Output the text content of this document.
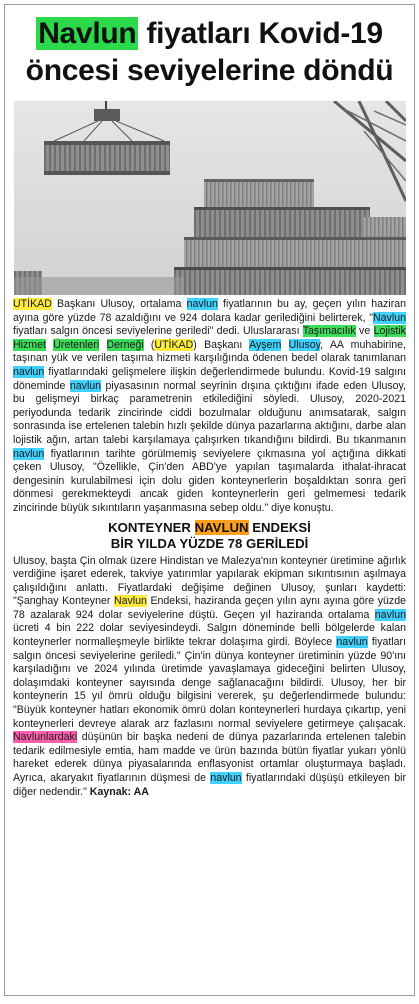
Navlun fiyatları Kovid-19
öncesi seviyelerine döndü

UTİKAD Başkanı Ulusoy, ortalama navlun fiyatlarının bu ay, geçen yılın haziran ayına göre yüzde 78 azaldığını ve 924 dolara kadar gerilediğini belirterek, "Navlun fiyatları salgın öncesi seviyelerine geriledi" dedi. Uluslararası Taşımacılık ve Lojistik Hizmet Üretenleri Derneği (UTİKAD) Başkanı Ayşem Ulusoy, AA muhabirine, taşınan yük ve verilen taşıma hizmeti karşılığında ödenen bedel olarak tanımlanan navlun fiyatlarındaki gelişmelere ilişkin değerlendirmede bulundu. Kovid-19 salgını döneminde navlun piyasasının normal seyrinin dışına çıktığını ifade eden Ulusoy, bu gelişmeyi birkaç parametrenin etkilediğini söyledi. Ulusoy, 2020-2021 periyodunda tedarik zincirinde ciddi bozulmalar olduğunu anımsatarak, salgın sonrasında ise ertelenen talebin hızlı şekilde dünya pazarlarına aktığını, darbe alan lojistik ağın, artan talebi karşılamaya çalışırken tıkandığını bildirdi. Bu tıkanmanın navlun fiyatlarının tarihte görülmemiş seviyelere çıkmasına yol açtığına dikkati çeken Ulusoy, "Özellikle, Çin'den ABD'ye yapılan taşımalarda ithalat-ihracat dengesinin kurulabilmesi için dolu giden konteynerlerin boşaldıktan sonra geri dönmesi gerekmekteydi ancak giden konteynerlerin geri gelmemesi tedarik zincirinde büyük sıkıntıların yaşanmasına sebep oldu." diye konuştu.

KONTEYNER NAVLUN ENDEKSİ
BİR YILDA YÜZDE 78 GERİLEDİ

Ulusoy, başta Çin olmak üzere Hindistan ve Malezya'nın konteyner üretimine ağırlık verdiğine işaret ederek, takviye yatırımlar yapılarak ekipman sıkıntısının aşılmaya çalışıldığını anlattı. Fiyatlardaki değişime değinen Ulusoy, şunları kaydetti: "Şanghay Konteyner Navlun Endeksi, haziranda geçen yılın aynı ayına göre yüzde 78 azalarak 924 dolar seviyelerine düştü. Geçen yıl haziranda ortalama navlun ücreti 4 bin 222 dolar seviyesindeydi. Salgın döneminde belli bölgelerde kalan konteynerler normalleşmeyle birlikte tekrar dolaşıma girdi. Böylece navlun fiyatları salgın öncesi seviyelerine geriledi." Çin'in dünya konteyner üretiminin yüzde 90'ını karşıladığını ve 2024 yılında üretimde yavaşlamaya gideceğini belirten Ulusoy, dolaşımdaki konteyner sayısında denge sağlanacağını bildirdi. Ulusoy, her bir konteynerin 15 yıl ömrü olduğu bilgisini vererek, şu değerlendirmede bulundu: "Büyük konteyner hatları ekonomik ömrü dolan konteynerleri hurdaya çıkartıp, yeni konteynerleri devreye alarak arz fazlasını normal seviyelere getirmeye çalışacak. Navlunlardaki düşünün bir başka nedeni de dünya pazarlarında ertelenen talebin tedarik edilmesiyle emtia, ham madde ve ürün bazında bütün fiyatlar yukarı yönlü hareket ederek dünya piyasalarında enflasyonist ortamlar oluşturmaya başladı. Ayrıca, akaryakıt fiyatlarının düşmesi de navlun fiyatlarındaki düşüşü etkileyen bir diğer nedendir." Kaynak: AA
